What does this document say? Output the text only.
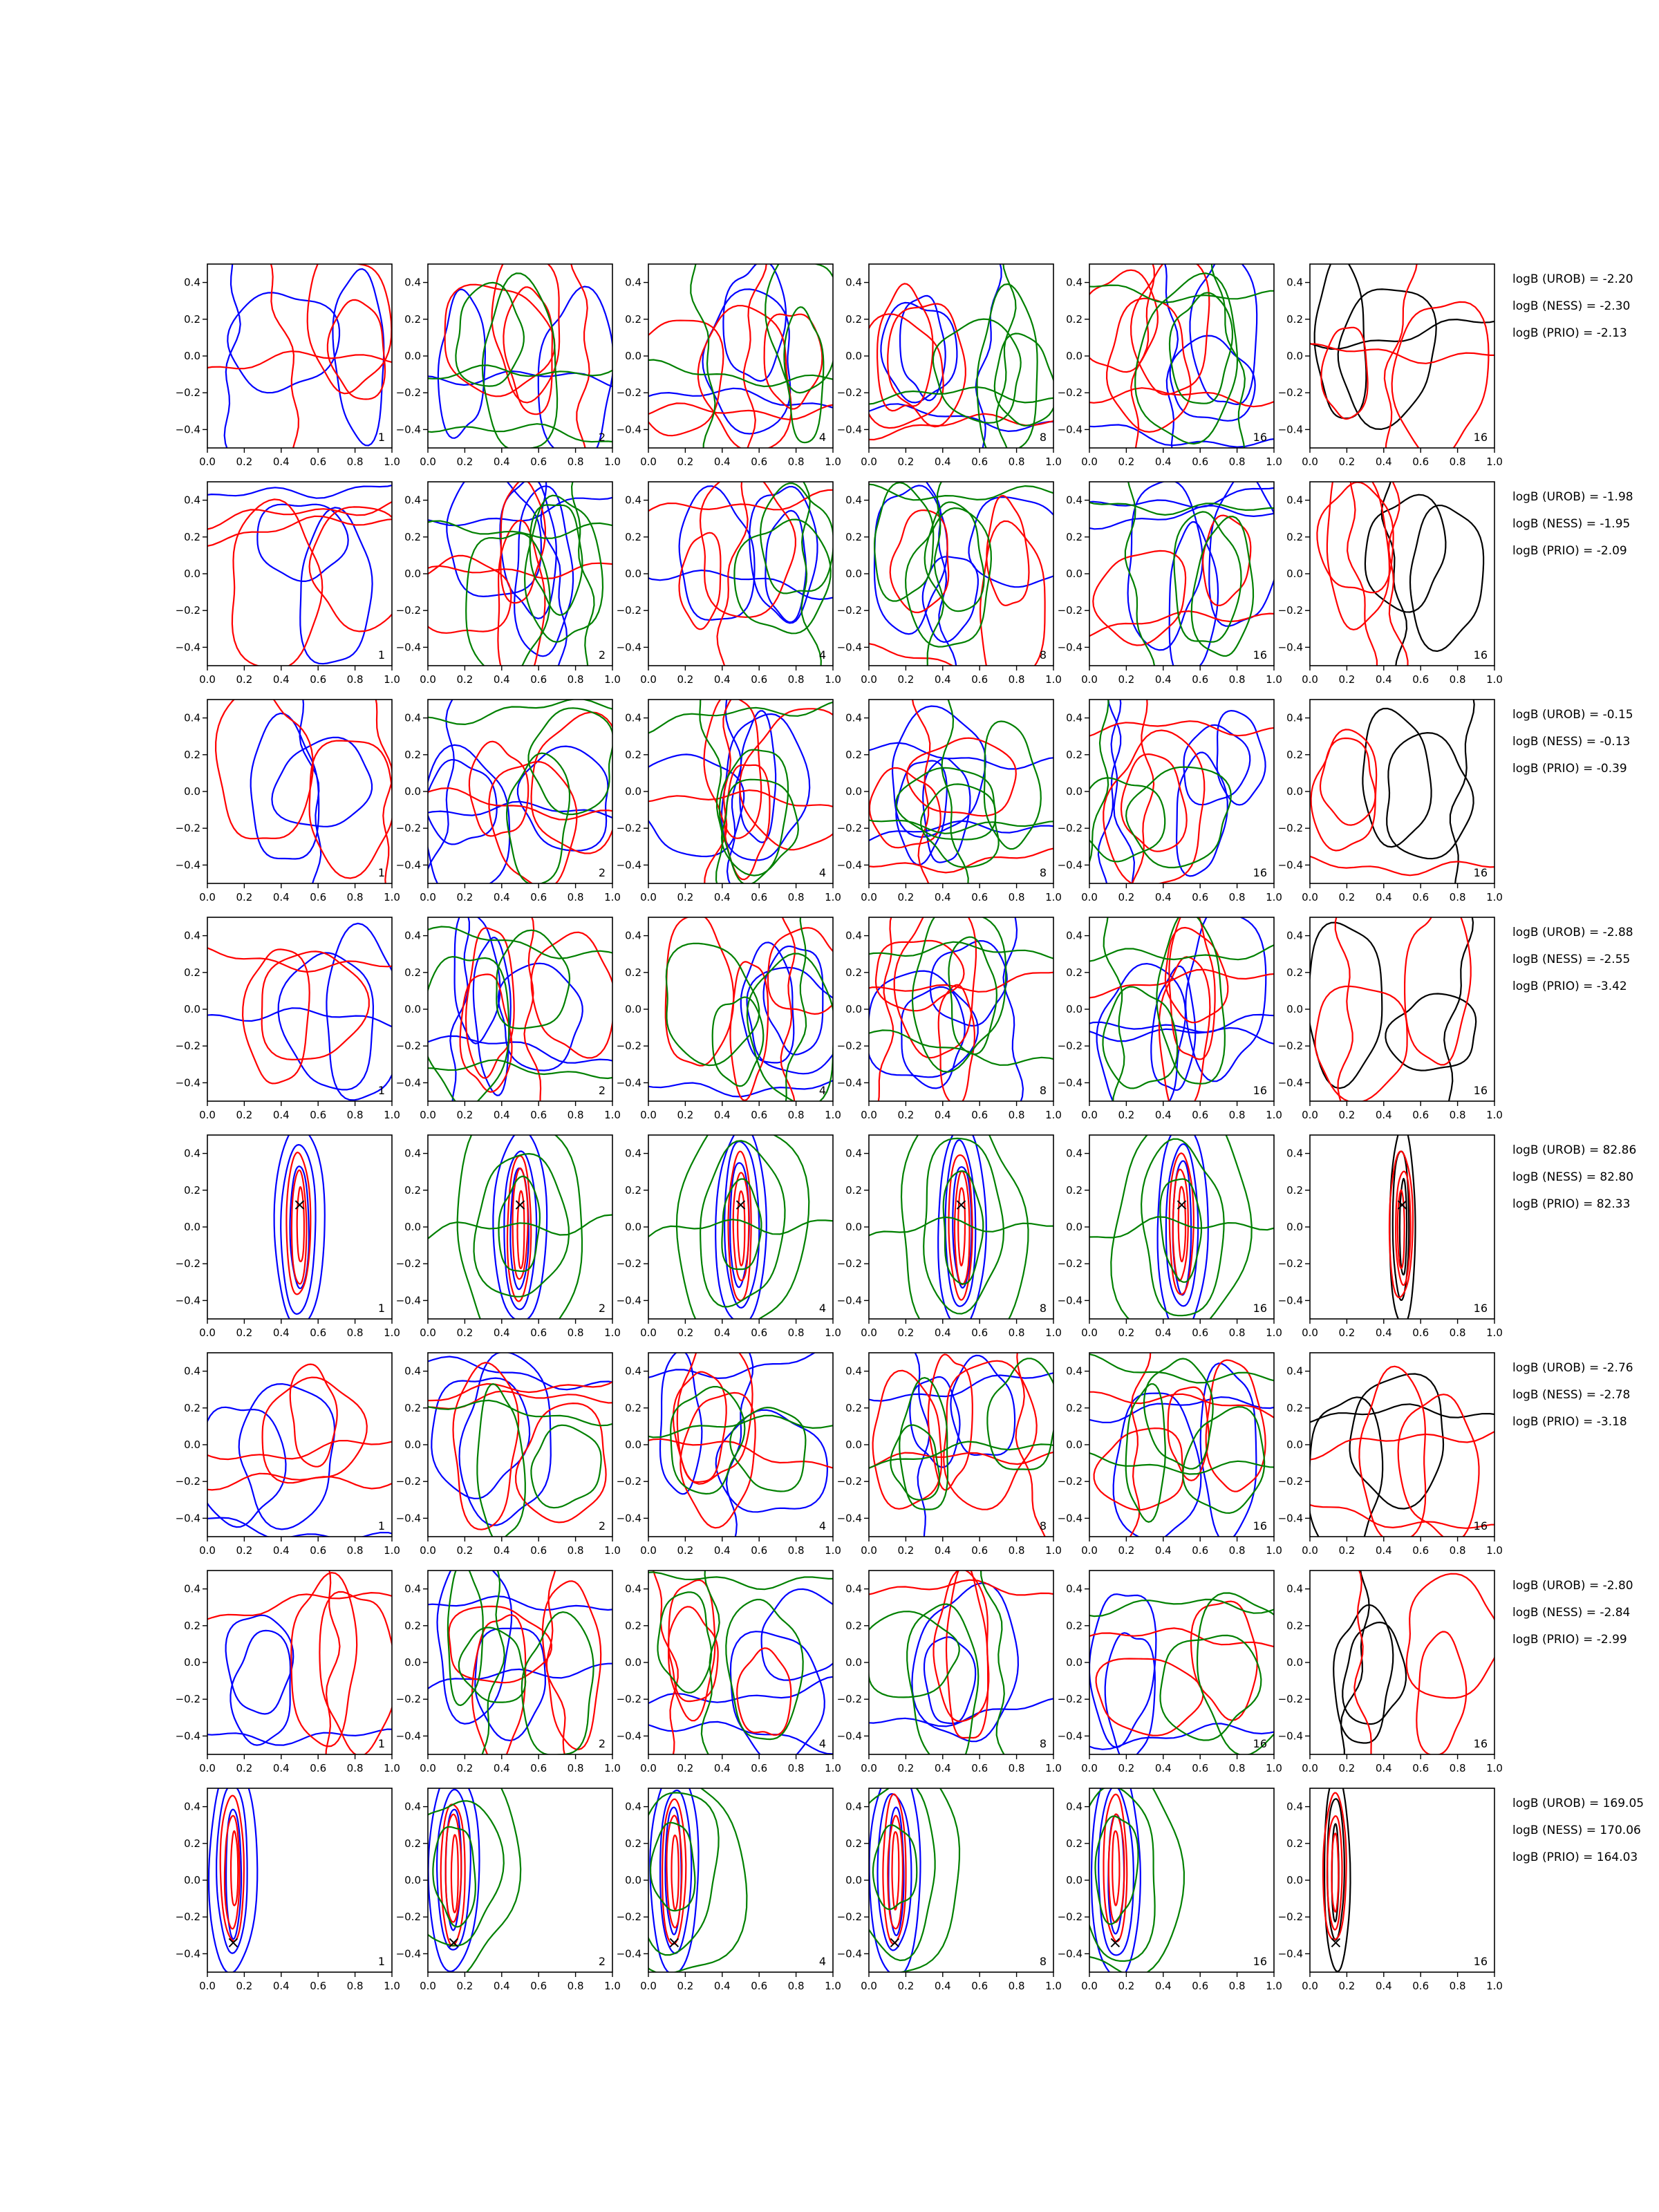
0.0 0.2 0.4 0.6 0.8 1.0
0.4
0.2
0.0
−0.2
−0.4
1
0.0 0.2 0.4 0.6 0.8 1.0
0.4
0.2
0.0
−0.2
−0.4
2
0.0 0.2 0.4 0.6 0.8 1.0
0.4
0.2
0.0
−0.2
−0.4
4
0.0 0.2 0.4 0.6 0.8 1.0
0.4
0.2
0.0
−0.2
−0.4
8
0.0 0.2 0.4 0.6 0.8 1.0
0.4
0.2
0.0
−0.2
−0.4
16
0.0 0.2 0.4 0.6 0.8 1.0
0.4
0.2
0.0
−0.2
−0.4
16
logB (UROB) = -2.20
logB (NESS) = -2.30
logB (PRIO) = -2.13
0.0 0.2 0.4 0.6 0.8 1.0
0.4
0.2
0.0
−0.2
−0.4
1
0.0 0.2 0.4 0.6 0.8 1.0
0.4
0.2
0.0
−0.2
−0.4
2
0.0 0.2 0.4 0.6 0.8 1.0
0.4
0.2
0.0
−0.2
−0.4
4
0.0 0.2 0.4 0.6 0.8 1.0
0.4
0.2
0.0
−0.2
−0.4
8
0.0 0.2 0.4 0.6 0.8 1.0
0.4
0.2
0.0
−0.2
−0.4
16
0.0 0.2 0.4 0.6 0.8 1.0
0.4
0.2
0.0
−0.2
−0.4
16
logB (UROB) = -1.98
logB (NESS) = -1.95
logB (PRIO) = -2.09
0.0 0.2 0.4 0.6 0.8 1.0
0.4
0.2
0.0
−0.2
−0.4
1
0.0 0.2 0.4 0.6 0.8 1.0
0.4
0.2
0.0
−0.2
−0.4
2
0.0 0.2 0.4 0.6 0.8 1.0
0.4
0.2
0.0
−0.2
−0.4
4
0.0 0.2 0.4 0.6 0.8 1.0
0.4
0.2
0.0
−0.2
−0.4
8
0.0 0.2 0.4 0.6 0.8 1.0
0.4
0.2
0.0
−0.2
−0.4
16
0.0 0.2 0.4 0.6 0.8 1.0
0.4
0.2
0.0
−0.2
−0.4
16
logB (UROB) = -0.15
logB (NESS) = -0.13
logB (PRIO) = -0.39
0.0 0.2 0.4 0.6 0.8 1.0
0.4
0.2
0.0
−0.2
−0.4
1
0.0 0.2 0.4 0.6 0.8 1.0
0.4
0.2
0.0
−0.2
−0.4
2
0.0 0.2 0.4 0.6 0.8 1.0
0.4
0.2
0.0
−0.2
−0.4
4
0.0 0.2 0.4 0.6 0.8 1.0
0.4
0.2
0.0
−0.2
−0.4
8
0.0 0.2 0.4 0.6 0.8 1.0
0.4
0.2
0.0
−0.2
−0.4
16
0.0 0.2 0.4 0.6 0.8 1.0
0.4
0.2
0.0
−0.2
−0.4
16
logB (UROB) = -2.88
logB (NESS) = -2.55
logB (PRIO) = -3.42
0.0 0.2 0.4 0.6 0.8 1.0
0.4
0.2
0.0
−0.2
−0.4
1
0.0 0.2 0.4 0.6 0.8 1.0
0.4
0.2
0.0
−0.2
−0.4
2
0.0 0.2 0.4 0.6 0.8 1.0
0.4
0.2
0.0
−0.2
−0.4
4
0.0 0.2 0.4 0.6 0.8 1.0
0.4
0.2
0.0
−0.2
−0.4
8
0.0 0.2 0.4 0.6 0.8 1.0
0.4
0.2
0.0
−0.2
−0.4
16
0.0 0.2 0.4 0.6 0.8 1.0
0.4
0.2
0.0
−0.2
−0.4
16
logB (UROB) = 82.86
logB (NESS) = 82.80
logB (PRIO) = 82.33
0.0 0.2 0.4 0.6 0.8 1.0
0.4
0.2
0.0
−0.2
−0.4
1
0.0 0.2 0.4 0.6 0.8 1.0
0.4
0.2
0.0
−0.2
−0.4
2
0.0 0.2 0.4 0.6 0.8 1.0
0.4
0.2
0.0
−0.2
−0.4
4
0.0 0.2 0.4 0.6 0.8 1.0
0.4
0.2
0.0
−0.2
−0.4
8
0.0 0.2 0.4 0.6 0.8 1.0
0.4
0.2
0.0
−0.2
−0.4
16
0.0 0.2 0.4 0.6 0.8 1.0
0.4
0.2
0.0
−0.2
−0.4
16
logB (UROB) = -2.76
logB (NESS) = -2.78
logB (PRIO) = -3.18
0.0 0.2 0.4 0.6 0.8 1.0
0.4
0.2
0.0
−0.2
−0.4
1
0.0 0.2 0.4 0.6 0.8 1.0
0.4
0.2
0.0
−0.2
−0.4
2
0.0 0.2 0.4 0.6 0.8 1.0
0.4
0.2
0.0
−0.2
−0.4
4
0.0 0.2 0.4 0.6 0.8 1.0
0.4
0.2
0.0
−0.2
−0.4
8
0.0 0.2 0.4 0.6 0.8 1.0
0.4
0.2
0.0
−0.2
−0.4
16
0.0 0.2 0.4 0.6 0.8 1.0
0.4
0.2
0.0
−0.2
−0.4
16
logB (UROB) = -2.80
logB (NESS) = -2.84
logB (PRIO) = -2.99
0.0 0.2 0.4 0.6 0.8 1.0
0.4
0.2
0.0
−0.2
−0.4
1
0.0 0.2 0.4 0.6 0.8 1.0
0.4
0.2
0.0
−0.2
−0.4
2
0.0 0.2 0.4 0.6 0.8 1.0
0.4
0.2
0.0
−0.2
−0.4
4
0.0 0.2 0.4 0.6 0.8 1.0
0.4
0.2
0.0
−0.2
−0.4
8
0.0 0.2 0.4 0.6 0.8 1.0
0.4
0.2
0.0
−0.2
−0.4
16
0.0 0.2 0.4 0.6 0.8 1.0
0.4
0.2
0.0
−0.2
−0.4
16
logB (UROB) = 169.05
logB (NESS) = 170.06
logB (PRIO) = 164.03
